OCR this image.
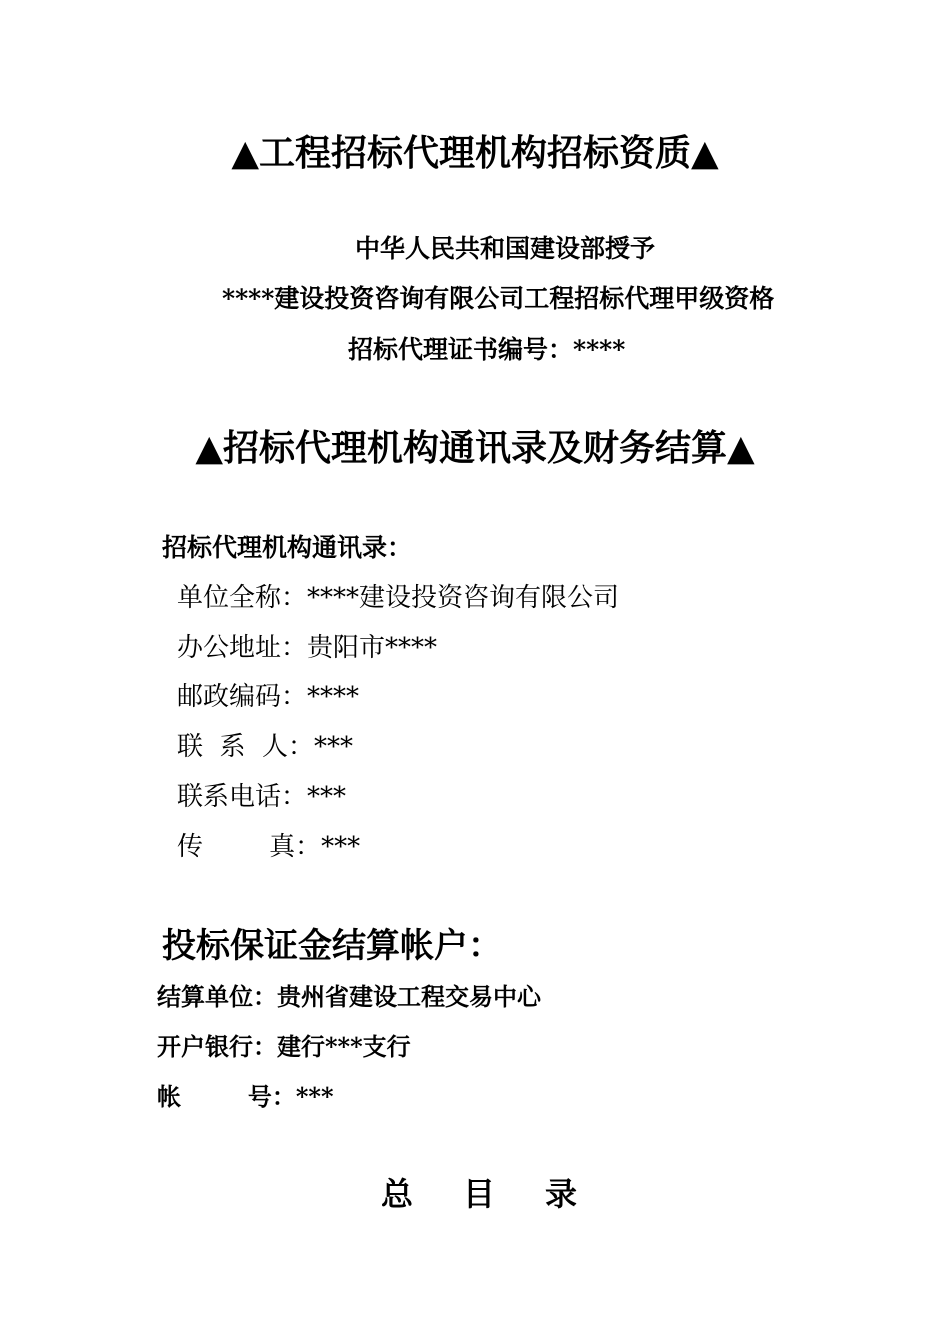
▲工程招标代理机构招标资质▲
中华人民共和国建设部授予
****建设投资咨询有限公司工程招标代理甲级资格
招标代理证书编号：****
▲招标代理机构通讯录及财务结算▲
招标代理机构通讯录：
单位全称：****建设投资咨询有限公司
办公地址：贵阳市****
邮政编码：****
联  系  人：***
联系电话：***
传        真：***
投标保证金结算帐户：
结算单位：贵州省建设工程交易中心
开户银行：建行***支行
帐        号：***
总目录
